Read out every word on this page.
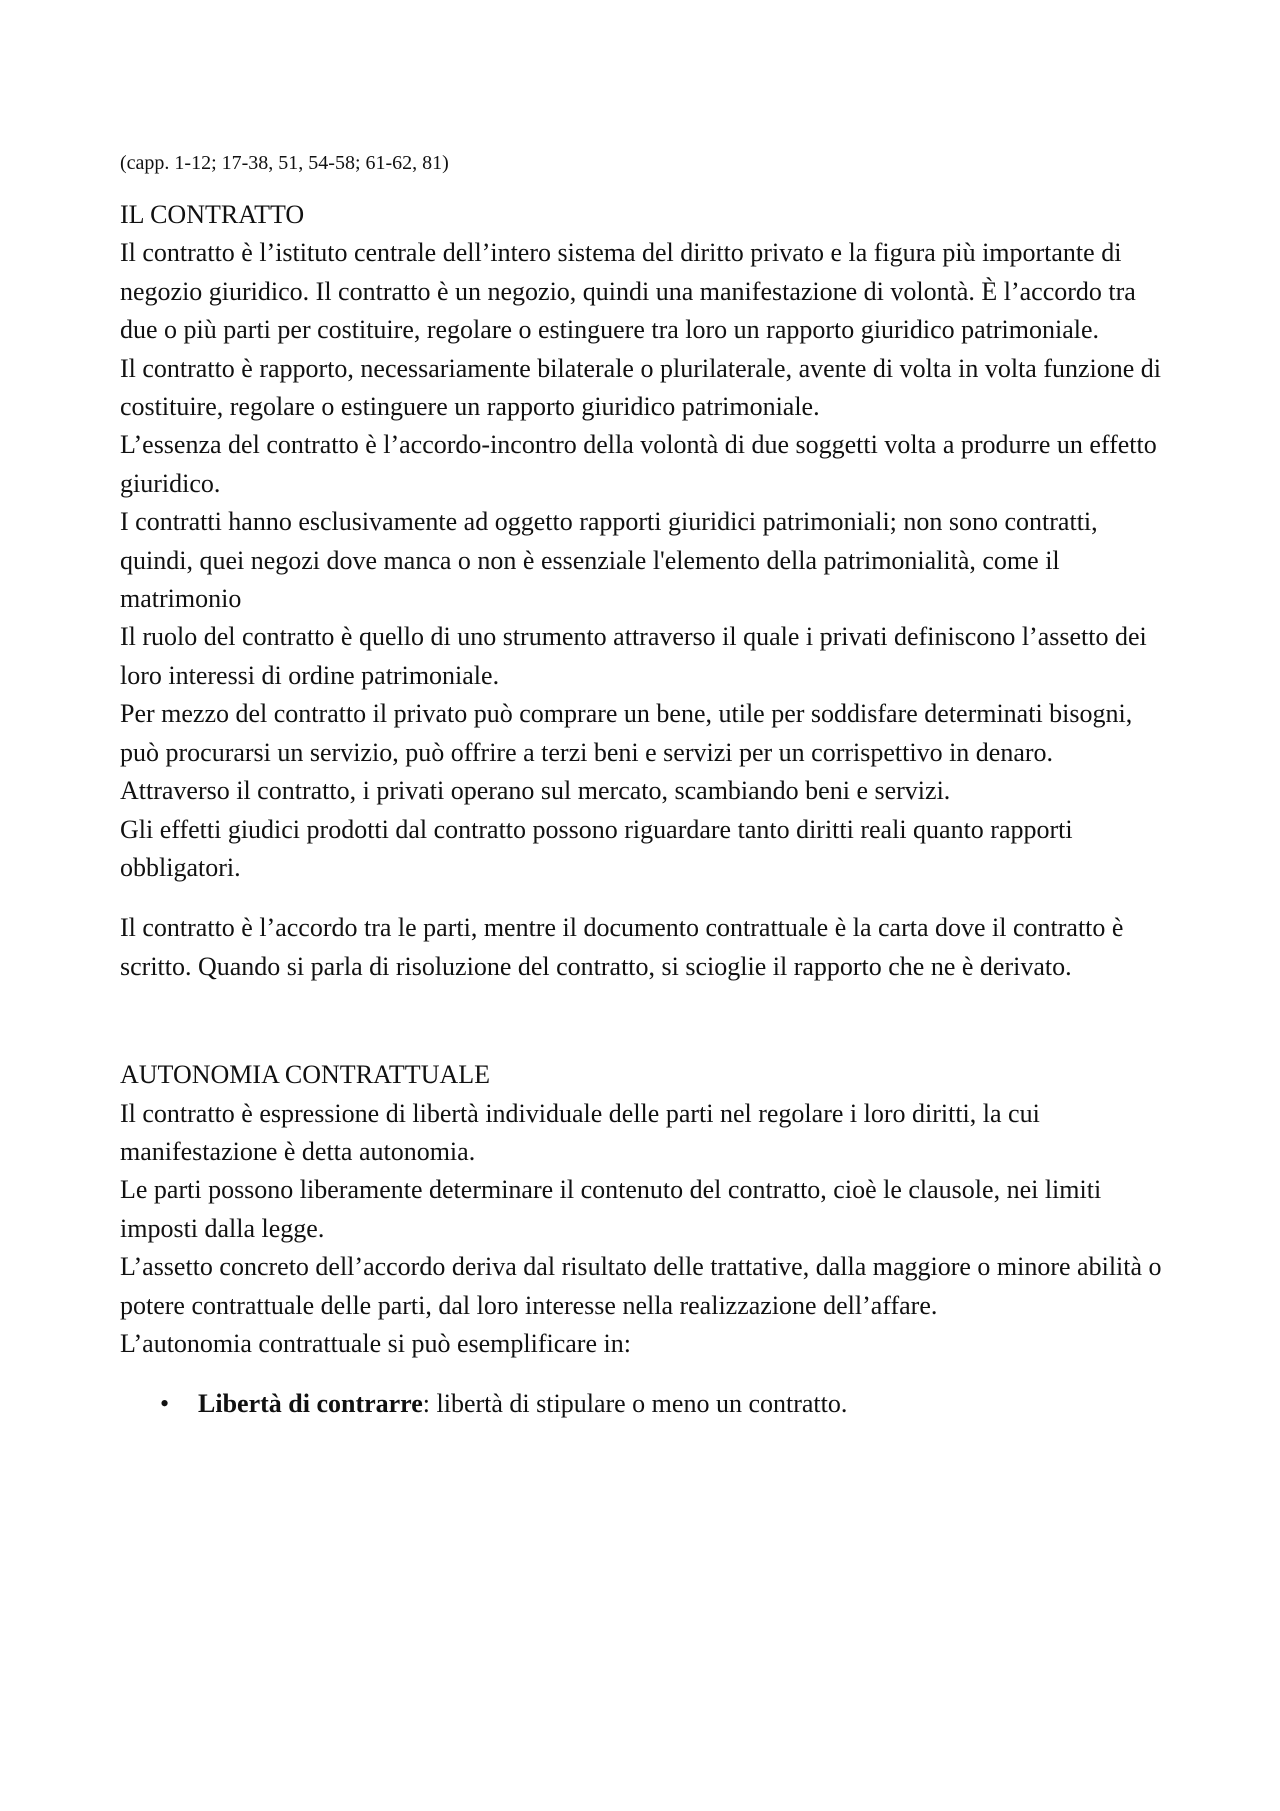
(capp. 1-12; 17-38, 51, 54-58; 61-62, 81)

IL CONTRATTO

Il contratto è l’istituto centrale dell’intero sistema del diritto privato e la figura più importante di negozio giuridico. Il contratto è un negozio, quindi una manifestazione di volontà. È l’accordo tra due o più parti per costituire, regolare o estinguere tra loro un rapporto giuridico patrimoniale.

Il contratto è rapporto, necessariamente bilaterale o plurilaterale, avente di volta in volta funzione di costituire, regolare o estinguere un rapporto giuridico patrimoniale.

L’essenza del contratto è l’accordo-incontro della volontà di due soggetti volta a produrre un effetto giuridico.

I contratti hanno esclusivamente ad oggetto rapporti giuridici patrimoniali; non sono contratti, quindi, quei negozi dove manca o non è essenziale l'elemento della patrimonialità, come il matrimonio

Il ruolo del contratto è quello di uno strumento attraverso il quale i privati definiscono l’assetto dei loro interessi di ordine patrimoniale.

Per mezzo del contratto il privato può comprare un bene, utile per soddisfare determinati bisogni, può procurarsi un servizio, può offrire a terzi beni e servizi per un corrispettivo in denaro.

Attraverso il contratto, i privati operano sul mercato, scambiando beni e servizi.

Gli effetti giudici prodotti dal contratto possono riguardare tanto diritti reali quanto rapporti obbligatori.

Il contratto è l’accordo tra le parti, mentre il documento contrattuale è la carta dove il contratto è scritto. Quando si parla di risoluzione del contratto, si scioglie il rapporto che ne è derivato.

AUTONOMIA CONTRATTUALE

Il contratto è espressione di libertà individuale delle parti nel regolare i loro diritti, la cui manifestazione è detta autonomia.

Le parti possono liberamente determinare il contenuto del contratto, cioè le clausole, nei limiti imposti dalla legge.

L’assetto concreto dell’accordo deriva dal risultato delle trattative, dalla maggiore o minore abilità o potere contrattuale delle parti, dal loro interesse nella realizzazione dell’affare.

L’autonomia contrattuale si può esemplificare in:

• Libertà di contrarre: libertà di stipulare o meno un contratto.
